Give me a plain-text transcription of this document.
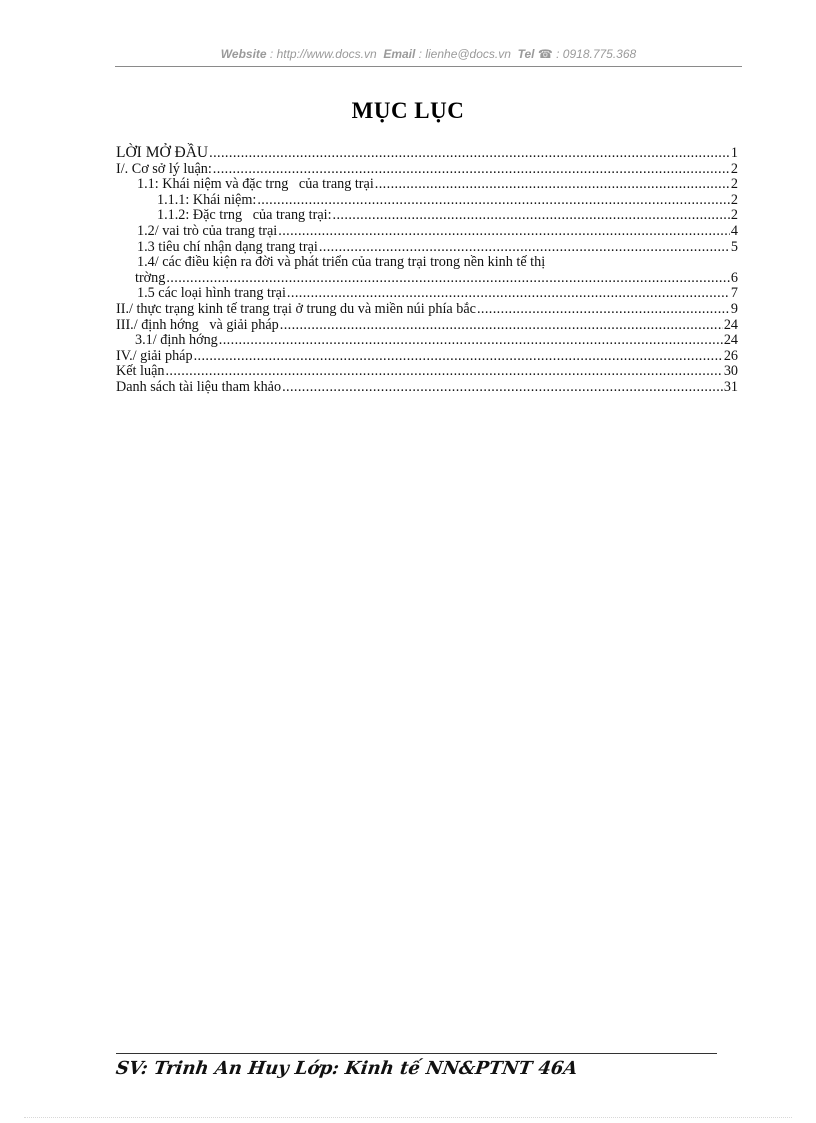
Website : http://www.docs.vn Email : lienhe@docs.vn Tel ☎ : 0918.775.368
MỤC LỤC
LỜI MỞ ĐẦU .....	1
I/. Cơ sở lý luận: .....	2
1.1: Khái niệm và đặc trng   của trang trại .....	2
1.1.1: Khái niệm: .....	2
1.1.2: Đặc trng   của trang trại: .....	2
1.2/ vai trò của trang trại .....	4
1.3 tiêu chí nhận dạng trang trại .....	5
1.4/ các điều kiện ra đời và phát triển của trang trại trong nền kinh tế thị
trờng .....	6
1.5 các loại hình trang trại .....	7
II./ thực trạng kinh tế trang trại ở trung du và miền núi phía bắc .....	9
III./ định hớng   và giải pháp .....	24
3.1/ định hớng .....	24
IV./ giải pháp .....	26
Kết luận .....	30
Danh sách tài liệu tham khảo .....	31
SV: Trinh An Huy Lớp: Kinh tế NN&PTNT 46A
